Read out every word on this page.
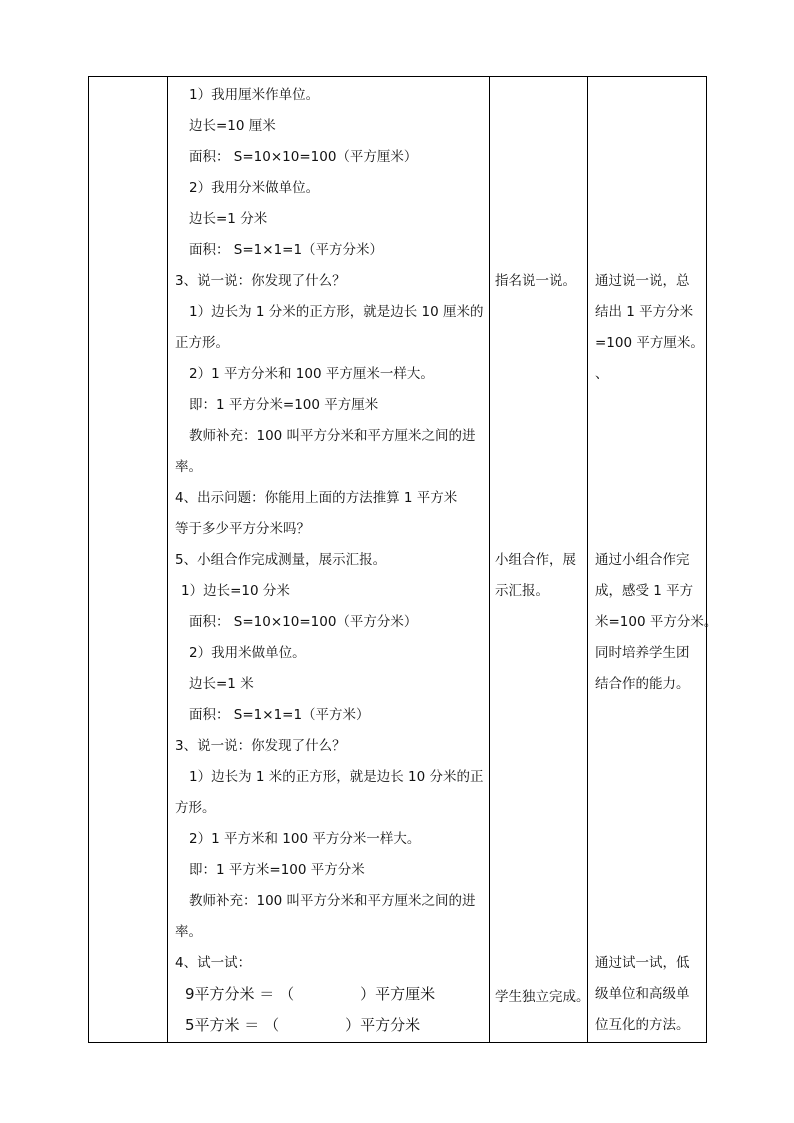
1）我用厘米作单位。
边长=10 厘米
面积： S=10×10=100（平方厘米）
2）我用分米做单位。
边长=1 分米
面积： S=1×1=1（平方分米）
3、说一说：你发现了什么？
1）边长为 1 分米的正方形，就是边长 10 厘米的
正方形。
2）1 平方分米和 100 平方厘米一样大。
即：1 平方分米=100 平方厘米
教师补充：100 叫平方分米和平方厘米之间的进
率。
4、出示问题：你能用上面的方法推算 1 平方米
等于多少平方分米吗？
5、小组合作完成测量，展示汇报。
1）边长=10 分米
面积： S=10×10=100（平方分米）
2）我用米做单位。
边长=1 米
面积： S=1×1=1（平方米）
3、说一说：你发现了什么？
1）边长为 1 米的正方形，就是边长 10 分米的正
方形。
2）1 平方米和 100 平方分米一样大。
即：1 平方米=100 平方分米
教师补充：100 叫平方分米和平方厘米之间的进
率。
4、试一试：
9平方分米 ＝ （	）平方厘米
5平方米 ＝ （	）平方分米
指名说一说。
小组合作，展
示汇报。
学生独立完成。
通过说一说，总
结出 1 平方分米
=100 平方厘米。
、
通过小组合作完
成，感受 1 平方
米=100 平方分米。
同时培养学生团
结合作的能力。
通过试一试，低
级单位和高级单
位互化的方法。
